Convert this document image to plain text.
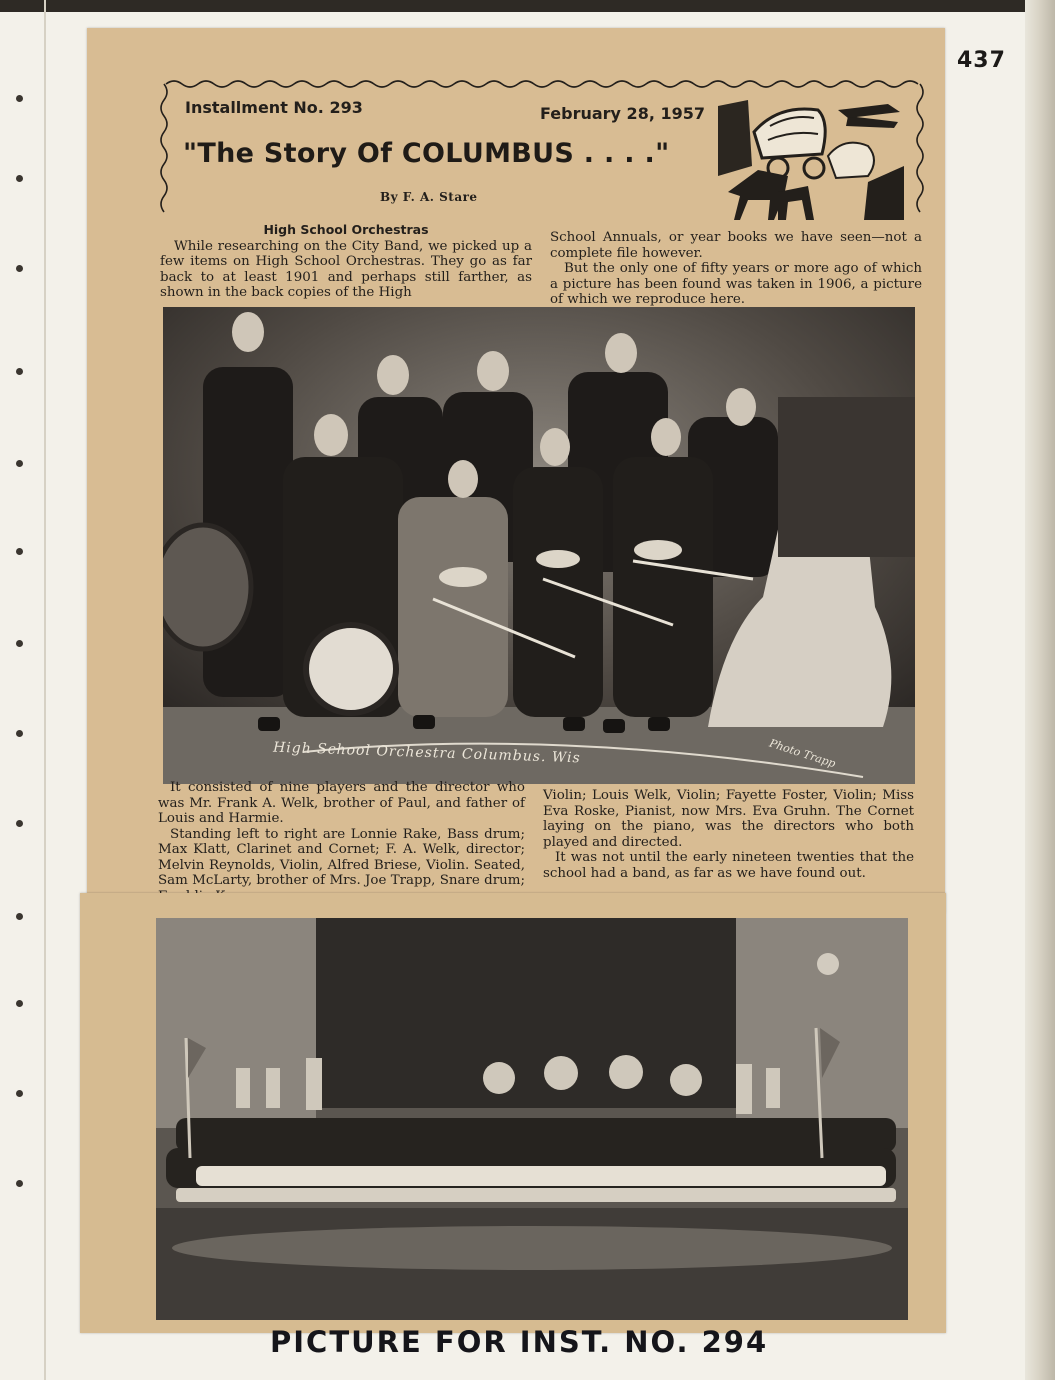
437
Installment No. 293	February 28, 1957
"The Story Of COLUMBUS . . . ."
By F. A. Stare

High School Orchestras

While researching on the City Band, we picked up a few items on High School Orchestras. They go as far back to at least 1901 and perhaps still farther, as shown in the back copies of the High

School Annuals, or year books we have seen—not a complete file however.

But the only one of fifty years or more ago of which a picture has been found was taken in 1906, a picture of which we reproduce here.

High School Orchestra Columbus. Wis	Photo Trapp

It consisted of nine players and the director who was Mr. Frank A. Welk, brother of Paul, and father of Louis and Harmie.

Standing left to right are Lonnie Rake, Bass drum; Max Klatt, Clarinet and Cornet; F. A. Welk, director; Melvin Reynolds, Violin, Alfred Briese, Violin. Seated, Sam McLarty, brother of Mrs. Joe Trapp, Snare drum;

Violin; Louis Welk, Violin; Fayette Foster, Violin; Miss Eva Roske, Pianist, now Mrs. Eva Gruhn. The Cornet laying on the piano, was the directors who both played and directed.

It was not until the early nineteen twenties that the school had a band, as far as we have found out.

PICTURE FOR INST. NO. 294
